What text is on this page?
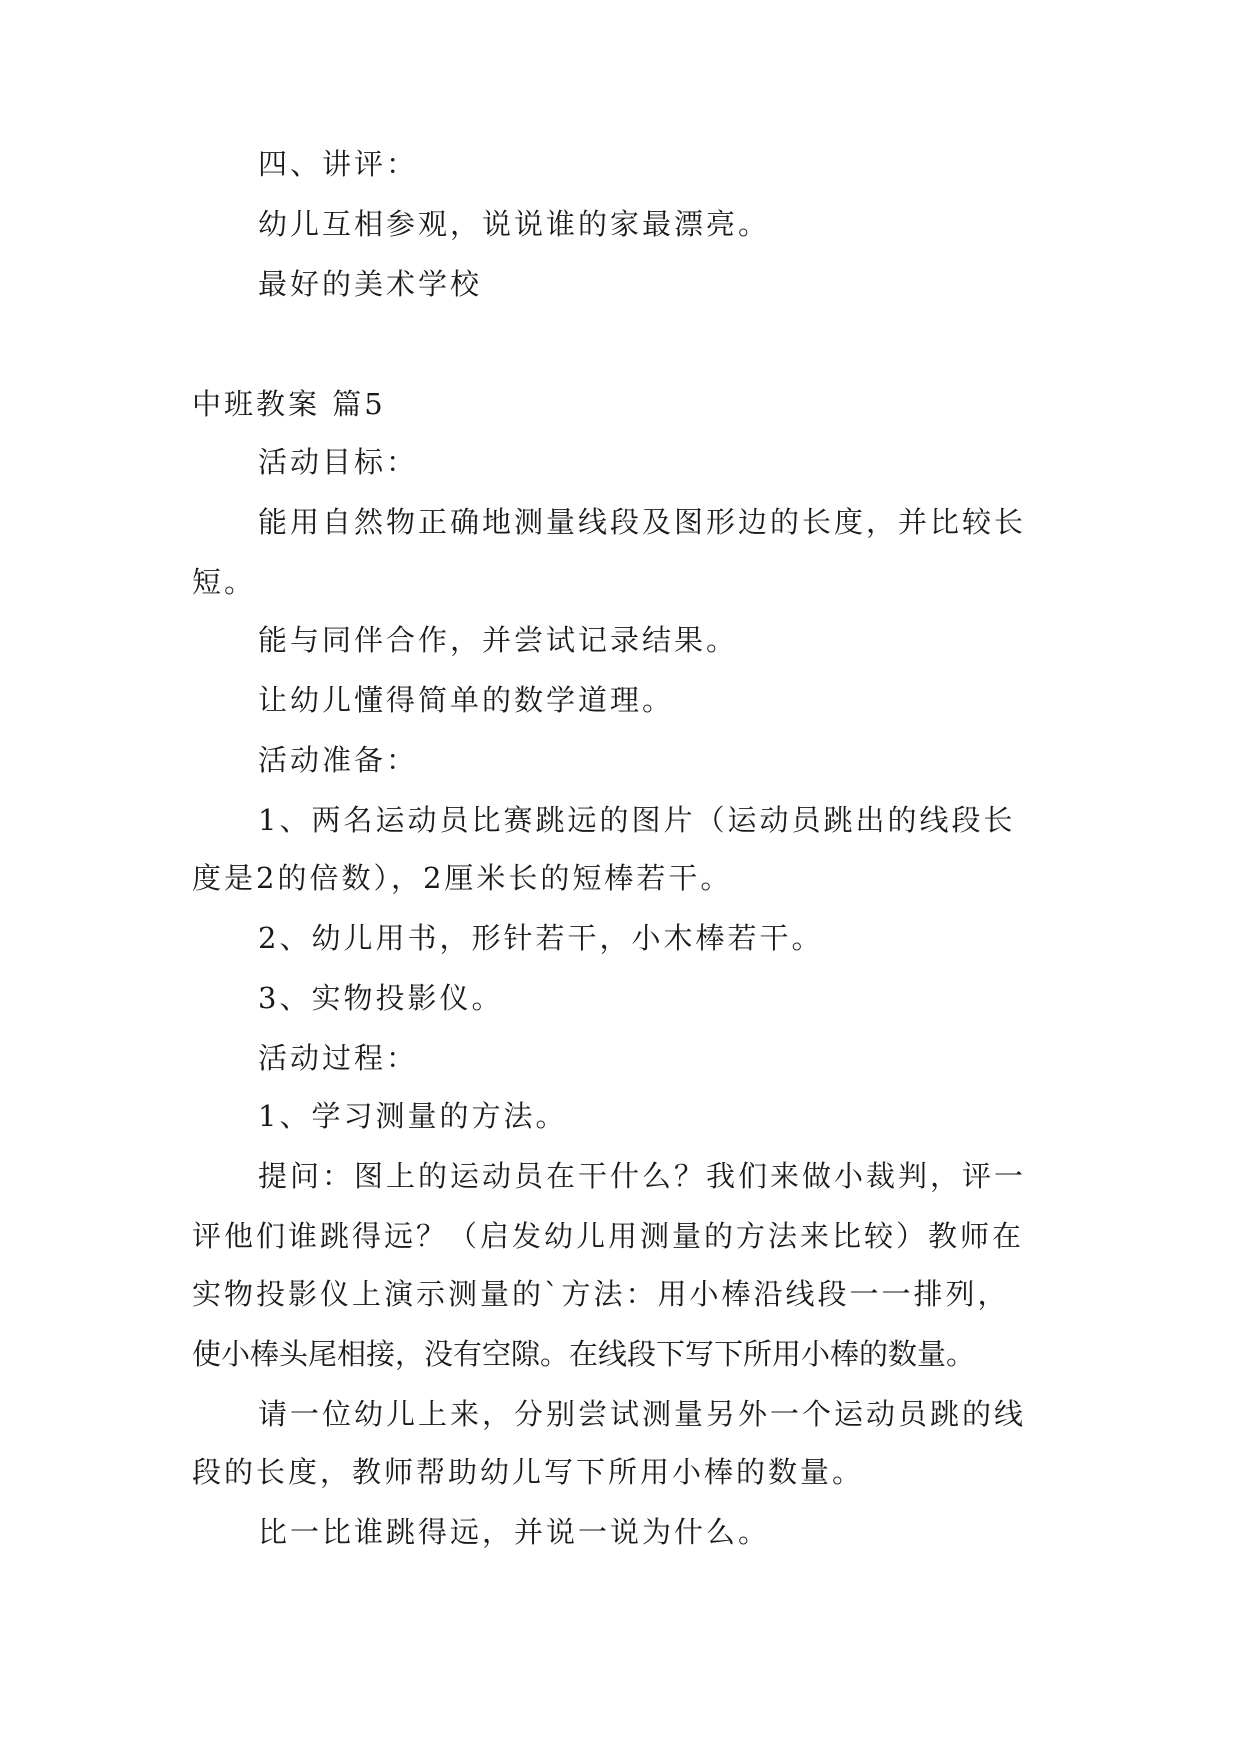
四、讲评：
幼儿互相参观，说说谁的家最漂亮。
最好的美术学校
中班教案 篇5
活动目标：
能用自然物正确地测量线段及图形边的长度，并比较长
短。
能与同伴合作，并尝试记录结果。
让幼儿懂得简单的数学道理。
活动准备：
1、两名运动员比赛跳远的图片（运动员跳出的线段长
度是2的倍数），2厘米长的短棒若干。
2、幼儿用书，形针若干，小木棒若干。
3、实物投影仪。
活动过程：
1、学习测量的方法。
提问：图上的运动员在干什么？我们来做小裁判，评一
评他们谁跳得远？（启发幼儿用测量的方法来比较）教师在
实物投影仪上演示测量的`方法：用小棒沿线段一一排列，
使小棒头尾相接，没有空隙。在线段下写下所用小棒的数量。
请一位幼儿上来，分别尝试测量另外一个运动员跳的线
段的长度，教师帮助幼儿写下所用小棒的数量。
比一比谁跳得远，并说一说为什么。
